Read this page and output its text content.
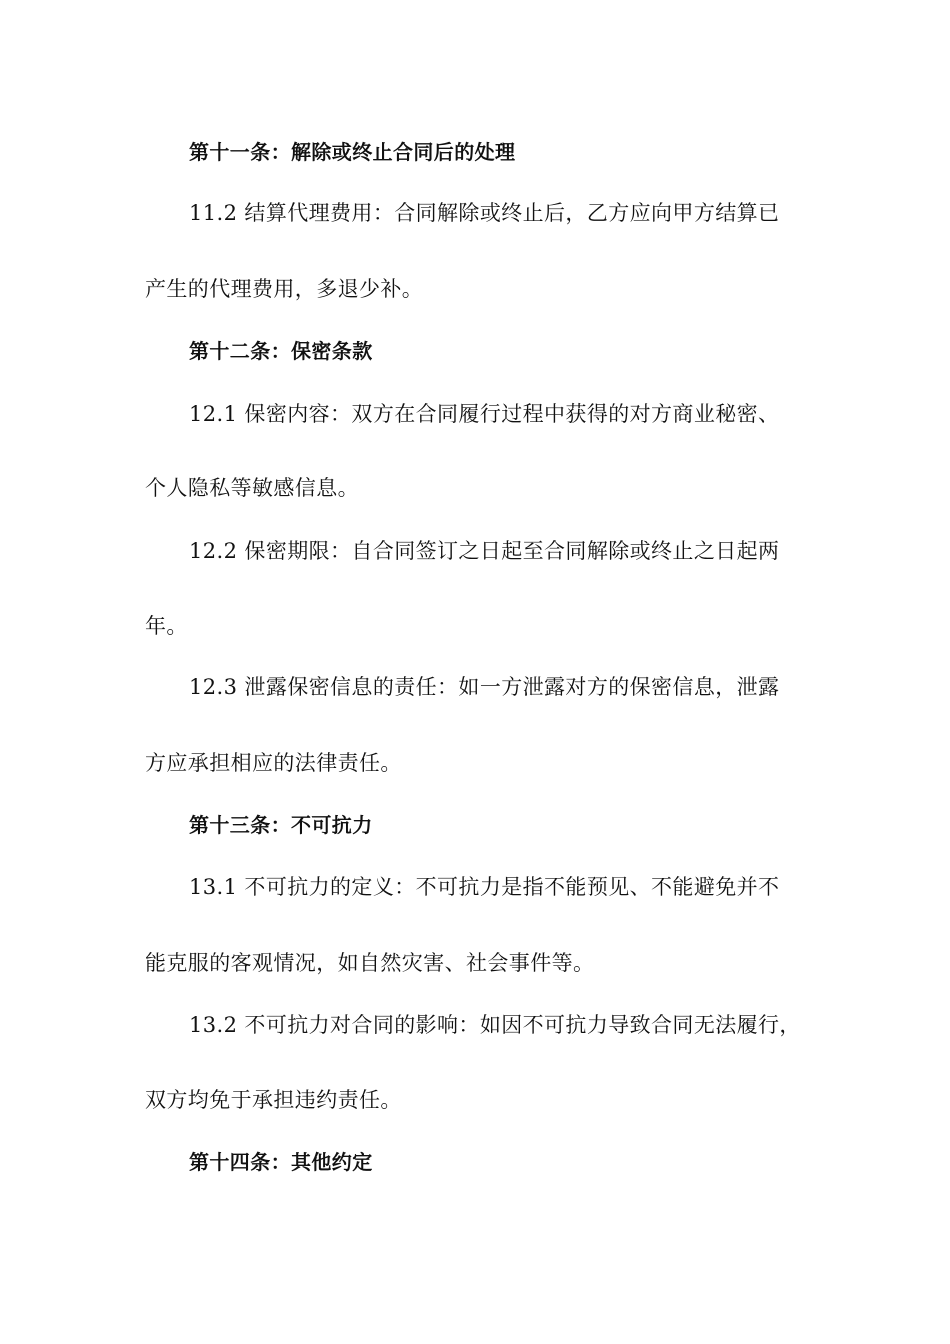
第十一条：解除或终止合同后的处理
11.2 结算代理费用：合同解除或终止后，乙方应向甲方结算已
产生的代理费用，多退少补。
第十二条：保密条款
12.1 保密内容：双方在合同履行过程中获得的对方商业秘密、
个人隐私等敏感信息。
12.2 保密期限：自合同签订之日起至合同解除或终止之日起两
年。
12.3 泄露保密信息的责任：如一方泄露对方的保密信息，泄露
方应承担相应的法律责任。
第十三条：不可抗力
13.1 不可抗力的定义：不可抗力是指不能预见、不能避免并不
能克服的客观情况，如自然灾害、社会事件等。
13.2 不可抗力对合同的影响：如因不可抗力导致合同无法履行，
双方均免于承担违约责任。
第十四条：其他约定
